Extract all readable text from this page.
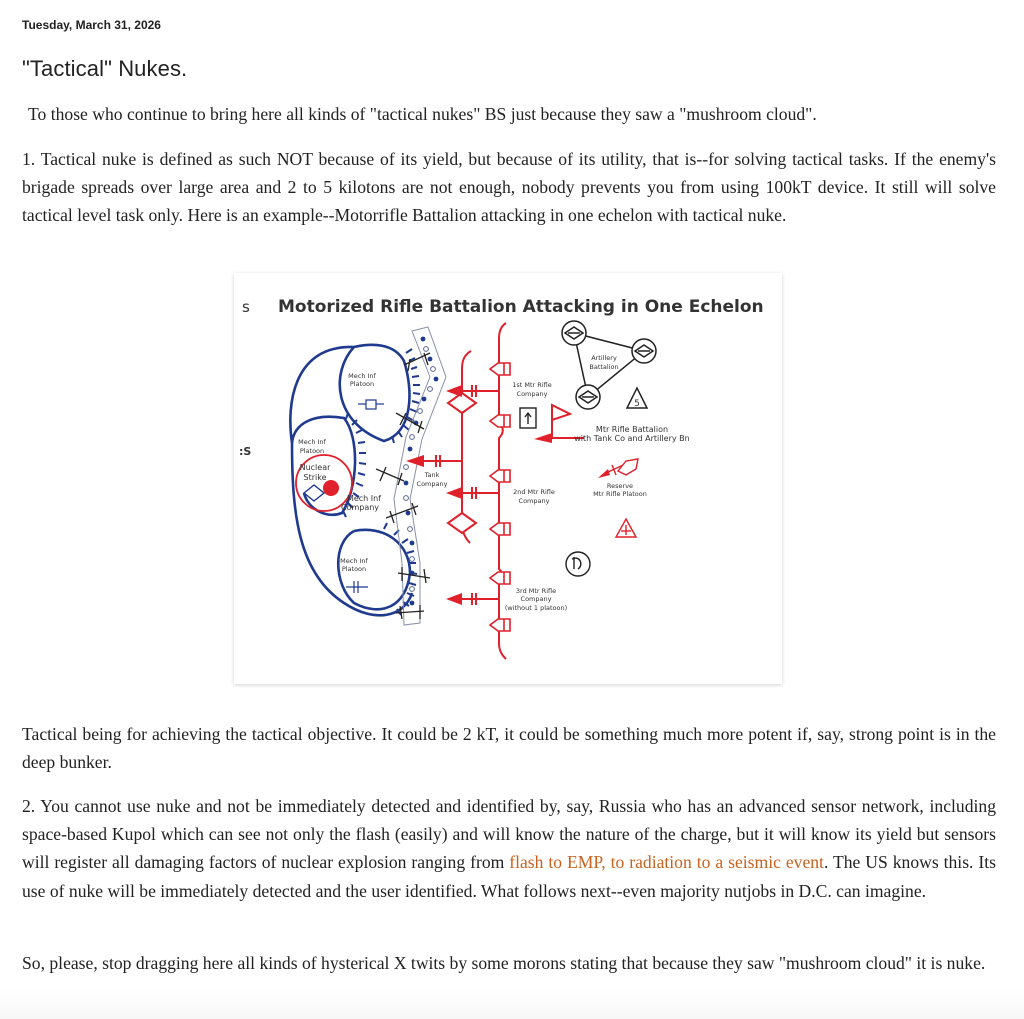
Tuesday, March 31, 2026
"Tactical" Nukes.

To those who continue to bring here all kinds of "tactical nukes" BS just because they saw a "mushroom cloud".

1. Tactical nuke is defined as such NOT because of its yield, but because of its utility, that is--for solving tactical tasks. If the enemy's brigade spreads over large area and 2 to 5 kilotons are not enough, nobody prevents you from using 100kT device. It still will solve tactical level task only. Here is an example--Motorrifle Battalion attacking in one echelon with tactical nuke.

s Motorized Rifle Battalion Attacking in One Echelon
:S
5
Mech Inf
Platoon
Mech Inf
Platoon
Mech Inf
Platoon
Tank
Company
1st Mtr Rifle
Company
2nd Mtr Rifle
Company
3rd Mtr Rifle
Company
(without 1 platoon)
Artillery
Battalion
Reserve
Mtr Rifle Platoon
Nuclear
Strike
Mech Inf
Company
Mtr Rifle Battalion
with Tank Co and Artillery Bn

Tactical being for achieving the tactical objective. It could be 2 kT, it could be something much more potent if, say, strong point is in the deep bunker.

2. You cannot use nuke and not be immediately detected and identified by, say, Russia who has an advanced sensor network, including space-based Kupol which can see not only the flash (easily) and will know the nature of the charge, but it will know its yield but sensors will register all damaging factors of nuclear explosion ranging from flash to EMP, to radiation to a seismic event. The US knows this. Its use of nuke will be immediately detected and the user identified. What follows next--even majority nutjobs in D.C. can imagine.

So, please, stop dragging here all kinds of hysterical X twits by some morons stating that because they saw "mushroom cloud" it is nuke.
